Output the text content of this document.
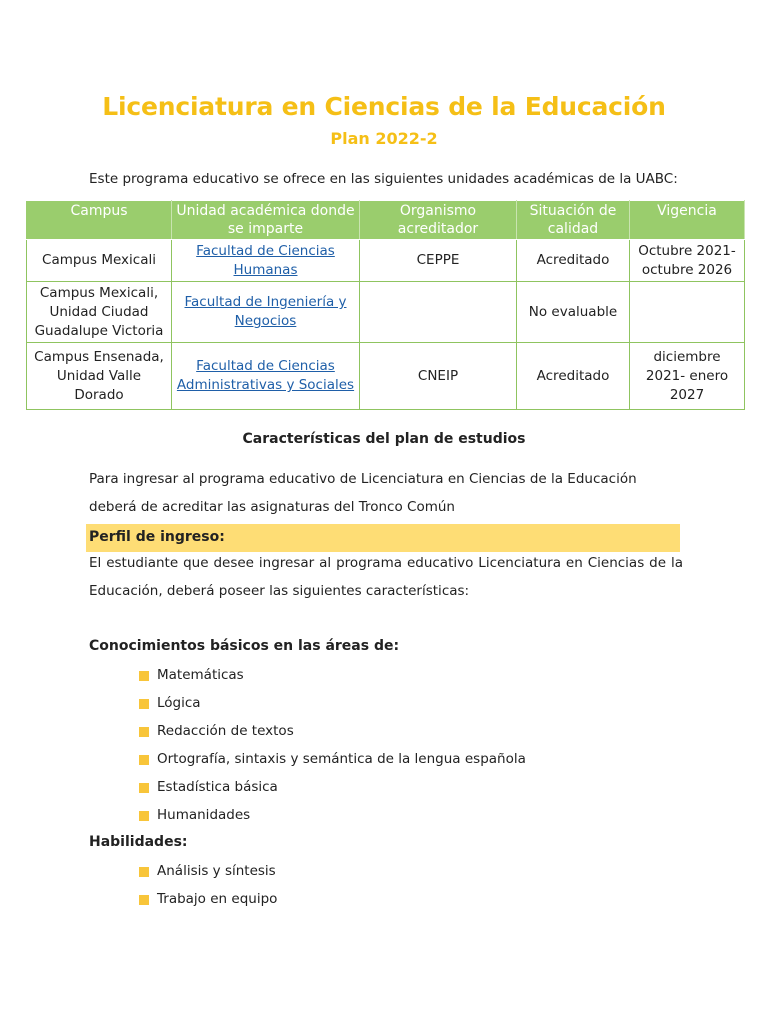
Licenciatura en Ciencias de la Educación
Plan 2022-2
Este programa educativo se ofrece en las siguientes unidades académicas de la UABC:
Campus	Unidad académica donde se imparte	Organismo acreditador	Situación de calidad	Vigencia
Campus Mexicali	Facultad de Ciencias Humanas	CEPPE	Acreditado	Octubre 2021- octubre 2026
Campus Mexicali, Unidad Ciudad Guadalupe Victoria	Facultad de Ingeniería y Negocios		No evaluable	
Campus Ensenada, Unidad Valle Dorado	Facultad de Ciencias Administrativas y Sociales	CNEIP	Acreditado	diciembre 2021- enero 2027
Características del plan de estudios
Para ingresar al programa educativo de Licenciatura en Ciencias de la Educación deberá de acreditar las asignaturas del Tronco Común
Perfil de ingreso:
El estudiante que desee ingresar al programa educativo Licenciatura en Ciencias de la Educación, deberá poseer las siguientes características:
Conocimientos básicos en las áreas de:
Matemáticas
Lógica
Redacción de textos
Ortografía, sintaxis y semántica de la lengua española
Estadística básica
Humanidades
Habilidades:
Análisis y síntesis
Trabajo en equipo
